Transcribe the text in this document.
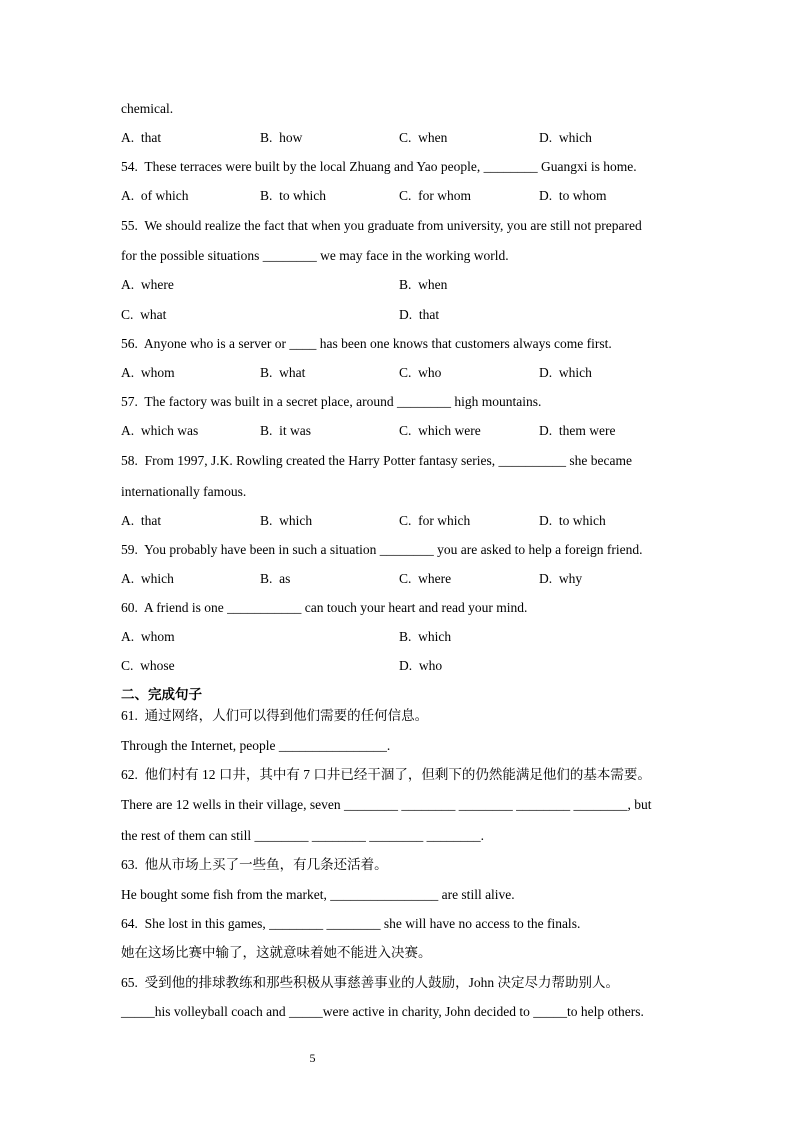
chemical.
A.  that	B.  how	C.  when	D.  which
54.  These terraces were built by the local Zhuang and Yao people, ________ Guangxi is home.
A.  of which	B.  to which	C.  for whom	D.  to whom
55.  We should realize the fact that when you graduate from university, you are still not prepared
for the possible situations ________ we may face in the working world.
A.  where	B.  when
C.  what	D.  that
56.  Anyone who is a server or ____ has been one knows that customers always come first.
A.  whom	B.  what	C.  who	D.  which
57.  The factory was built in a secret place, around ________ high mountains.
A.  which was	B.  it was	C.  which were	D.  them were
58.  From 1997, J.K. Rowling created the Harry Potter fantasy series, __________ she became
internationally famous.
A.  that	B.  which	C.  for which	D.  to which
59.  You probably have been in such a situation ________ you are asked to help a foreign friend.
A.  which	B.  as	C.  where	D.  why
60.  A friend is one ___________ can touch your heart and read your mind.
A.  whom	B.  which
C.  whose	D.  who
二、完成句子
61.  通过网络，人们可以得到他们需要的任何信息。
Through the Internet, people ________________.
62.  他们村有 12 口井，其中有 7 口井已经干涸了，但剩下的仍然能满足他们的基本需要。
There are 12 wells in their village, seven ________ ________ ________ ________ ________, but
the rest of them can still ________ ________ ________ ________.
63.  他从市场上买了一些鱼，有几条还活着。
He bought some fish from the market, ________________ are still alive.
64.  She lost in this games, ________ ________ she will have no access to the finals.
她在这场比赛中输了，这就意味着她不能进入决赛。
65.  受到他的排球教练和那些积极从事慈善事业的人鼓励，John 决定尽力帮助别人。
_____his volleyball coach and _____were active in charity, John decided to _____to help others.
5
